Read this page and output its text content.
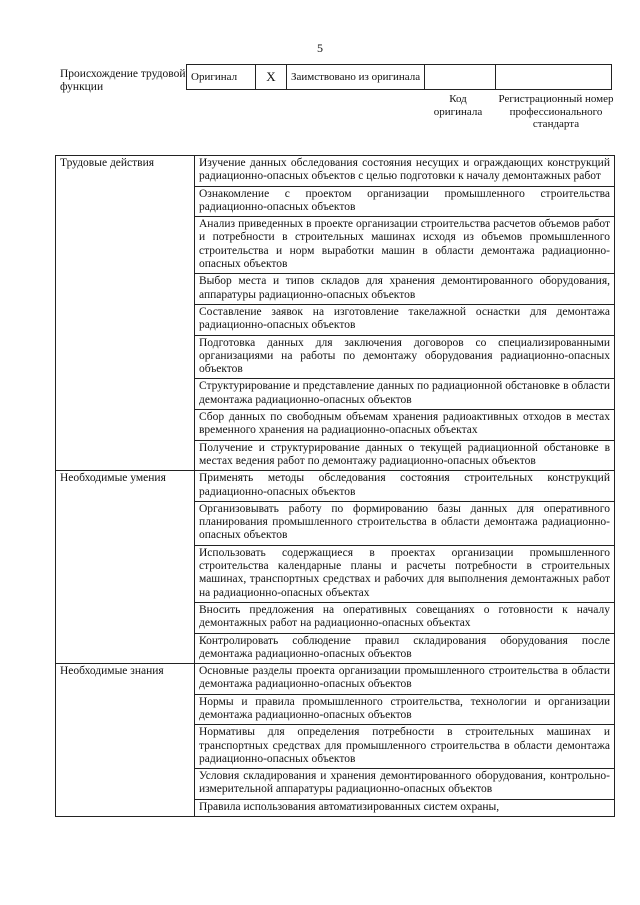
5
Происхождение трудовой функции
Оригинал	X	Заимствовано из оригинала		
Код оригинала
Регистрационный номер профессионального стандарта
Трудовые действия	Изучение данных обследования состояния несущих и ограждающих конструкций радиационно-опасных объектов с целью подготовки к началу демонтажных работ
	Ознакомление с проектом организации промышленного строительства радиационно-опасных объектов
	Анализ приведенных в проекте организации строительства расчетов объемов работ и потребности в строительных машинах исходя из объемов промышленного строительства и норм выработки машин в области демонтажа радиационно-опасных объектов
	Выбор места и типов складов для хранения демонтированного оборудования, аппаратуры радиационно-опасных объектов
	Составление заявок на изготовление такелажной оснастки для демонтажа радиационно-опасных объектов
	Подготовка данных для заключения договоров со специализированными организациями на работы по демонтажу оборудования радиационно-опасных объектов
	Структурирование и представление данных по радиационной обстановке в области демонтажа радиационно-опасных объектов
	Сбор данных по свободным объемам хранения радиоактивных отходов в местах временного хранения на радиационно-опасных объектах
	Получение и структурирование данных о текущей радиационной обстановке в местах ведения работ по демонтажу радиационно-опасных объектов
Необходимые умения	Применять методы обследования состояния строительных конструкций радиационно-опасных объектов
	Организовывать работу по формированию базы данных для оперативного планирования промышленного строительства в области демонтажа радиационно-опасных объектов
	Использовать содержащиеся в проектах организации промышленного строительства календарные планы и расчеты потребности в строительных машинах, транспортных средствах и рабочих для выполнения демонтажных работ на радиационно-опасных объектах
	Вносить предложения на оперативных совещаниях о готовности к началу демонтажных работ на радиационно-опасных объектах
	Контролировать соблюдение правил складирования оборудования после демонтажа радиационно-опасных объектов
Необходимые знания	Основные разделы проекта организации промышленного строительства в области демонтажа радиационно-опасных объектов
	Нормы и правила промышленного строительства, технологии и организации демонтажа радиационно-опасных объектов
	Нормативы для определения потребности в строительных машинах и транспортных средствах для промышленного строительства в области демонтажа радиационно-опасных объектов
	Условия складирования и хранения демонтированного оборудования, контрольно-измерительной аппаратуры радиационно-опасных объектов
	Правила использования автоматизированных систем охраны,
